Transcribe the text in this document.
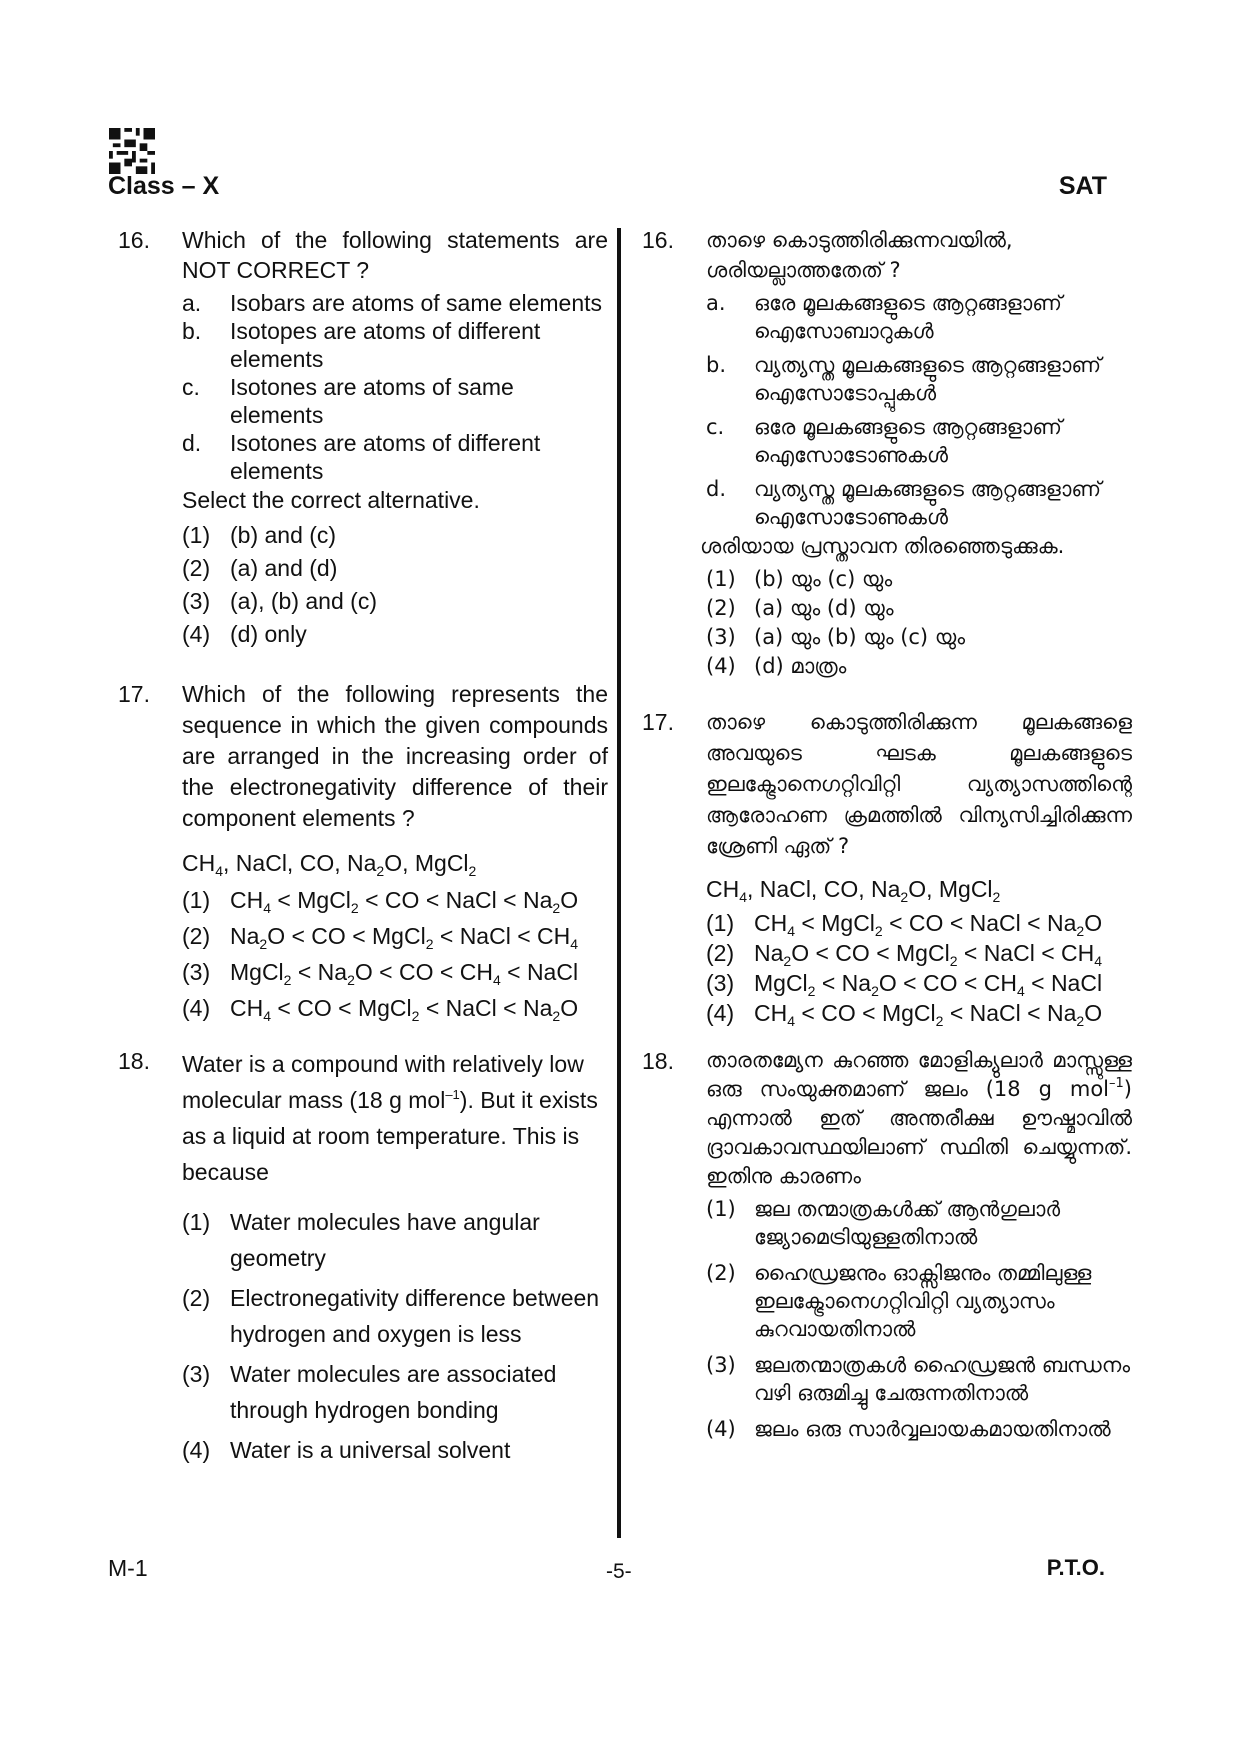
Class – X	SAT
16. Which of the following statements are NOT CORRECT ?

a. Isobars are atoms of same elements
b. Isotopes are atoms of different elements
c. Isotones are atoms of same elements
d. Isotones are atoms of different elements

Select the correct alternative.

(1) (b) and (c)
(2) (a) and (d)
(3) (a), (b) and (c)
(4) (d) only
17. Which of the following represents the sequence in which the given compounds are arranged in the increasing order of the electronegativity difference of their component elements ?

$CH_4$, NaCl, CO, $Na_2O$, MgCl$_2$

(1) $CH_4$ < MgCl$_2$ < CO < NaCl < $Na_2O$
(2) $Na_2O$ < CO < MgCl$_2$ < NaCl < $CH_4$
(3) MgCl$_2$ < $Na_2O$ < CO < $CH_4$ < NaCl
(4) $CH_4$ < CO < MgCl$_2$ < NaCl < $Na_2O$
18. Water is a compound with relatively low molecular mass (18 g mol$^{-1}$). But it exists as a liquid at room temperature. This is because

(1) Water molecules have angular geometry
(2) Electronegativity difference between hydrogen and oxygen is less
(3) Water molecules are associated through hydrogen bonding
(4) Water is a universal solvent
16. താഴെ കൊടുത്തിരിക്കുന്നവയിൽ, ശരിയല്ലാത്തതേത് ?

a. ഒരേ മൂലകങ്ങളുടെ ആറ്റങ്ങളാണ് ഐസോബാറുകൾ
b. വ്യത്യസ്ത മൂലകങ്ങളുടെ ആറ്റങ്ങളാണ് ഐസോടോപ്പുകൾ
c. ഒരേ മൂലകങ്ങളുടെ ആറ്റങ്ങളാണ് ഐസോടോണുകൾ
d. വ്യത്യസ്ത മൂലകങ്ങളുടെ ആറ്റങ്ങളാണ് ഐസോടോണുകൾ

ശരിയായ പ്രസ്താവന തിരഞ്ഞെടുക്കുക.

(1) (b) യും (c) യും
(2) (a) യും (d) യും
(3) (a) യും (b) യും (c) യും
(4) (d) മാത്രം
17. താഴെ കൊടുത്തിരിക്കുന്ന മൂലകങ്ങളെ അവയുടെ ഘടക മൂലകങ്ങളുടെ ഇലക്ട്രോനെഗറ്റിവിറ്റി വ്യത്യാസത്തിന്റെ ആരോഹണ ക്രമത്തിൽ വിന്യസിച്ചിരിക്കുന്ന ശ്രേണി ഏത് ?

$CH_4$, NaCl, CO, $Na_2O$, MgCl$_2$

(1) $CH_4$ < MgCl$_2$ < CO < NaCl < $Na_2O$
(2) $Na_2O$ < CO < MgCl$_2$ < NaCl < $CH_4$
(3) MgCl$_2$ < $Na_2O$ < CO < $CH_4$ < NaCl
(4) $CH_4$ < CO < MgCl$_2$ < NaCl < $Na_2O$
18. താരതമ്യേന കുറഞ്ഞ മോളിക്യുലാർ മാസ്സുള്ള ഒരു സംയുക്തമാണ് ജലം (18 g mol$^{-1}$) എന്നാൽ ഇത് അന്തരീക്ഷ ഊഷ്മാവിൽ ദ്രാവകാവസ്ഥയിലാണ് സ്ഥിതി ചെയ്യുന്നത്. ഇതിനു കാരണം

(1) ജല തന്മാത്രകൾക്ക് ആൻഗുലാർ ജ്യോമെട്രിയുള്ളതിനാൽ
(2) ഹൈഡ്രജനും ഓക്സിജനും തമ്മിലുള്ള ഇലക്ട്രോനെഗറ്റിവിറ്റി വ്യത്യാസം കുറവായതിനാൽ
(3) ജലതന്മാത്രകൾ ഹൈഡ്രജൻ ബന്ധനം വഴി ഒരുമിച്ചു ചേരുന്നതിനാൽ
(4) ജലം ഒരു സാർവ്വലായകമായതിനാൽ
M-1	-5-	P.T.O.
